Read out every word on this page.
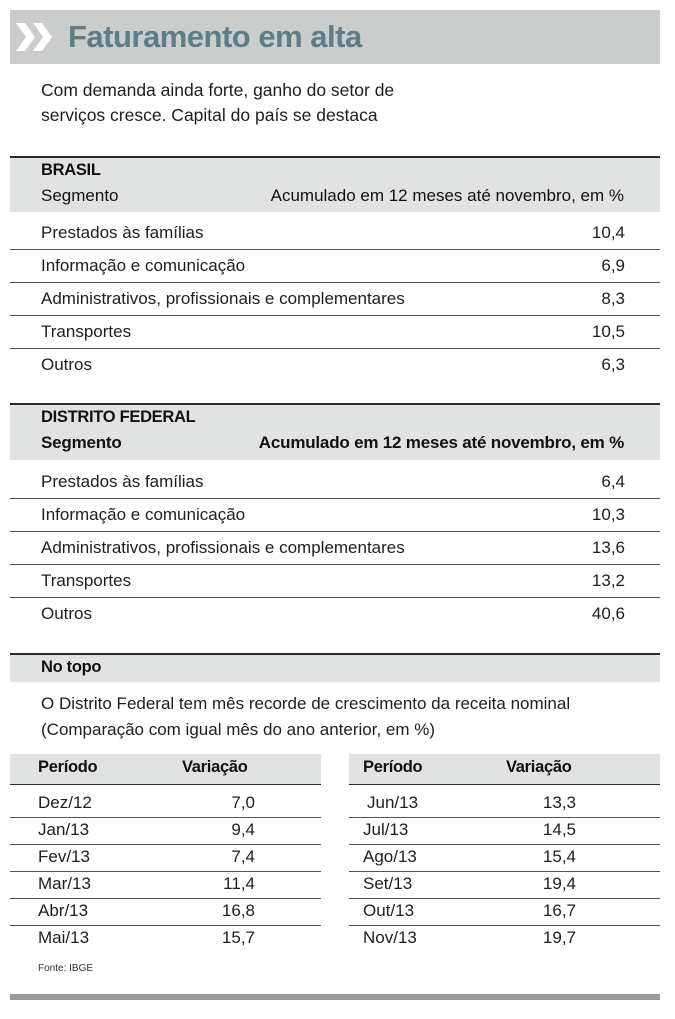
Faturamento em alta
Com demanda ainda forte, ganho do setor de
serviços cresce. Capital do país se destaca
BRASIL
Segmento	Acumulado em 12 meses até novembro, em %
Prestados às famílias	10,4
Informação e comunicação	6,9
Administrativos, profissionais e complementares	8,3
Transportes	10,5
Outros	6,3
DISTRITO FEDERAL
Segmento	Acumulado em 12 meses até novembro, em %
Prestados às famílias	6,4
Informação e comunicação	10,3
Administrativos, profissionais e complementares	13,6
Transportes	13,2
Outros	40,6
No topo
O Distrito Federal tem mês recorde de crescimento da receita nominal
(Comparação com igual mês do ano anterior, em %)
Período	Variação
Dez/12	7,0
Jan/13	9,4
Fev/13	7,4
Mar/13	11,4
Abr/13	16,8
Mai/13	15,7
Período	Variação
Jun/13	13,3
Jul/13	14,5
Ago/13	15,4
Set/13	19,4
Out/13	16,7
Nov/13	19,7
Fonte: IBGE
